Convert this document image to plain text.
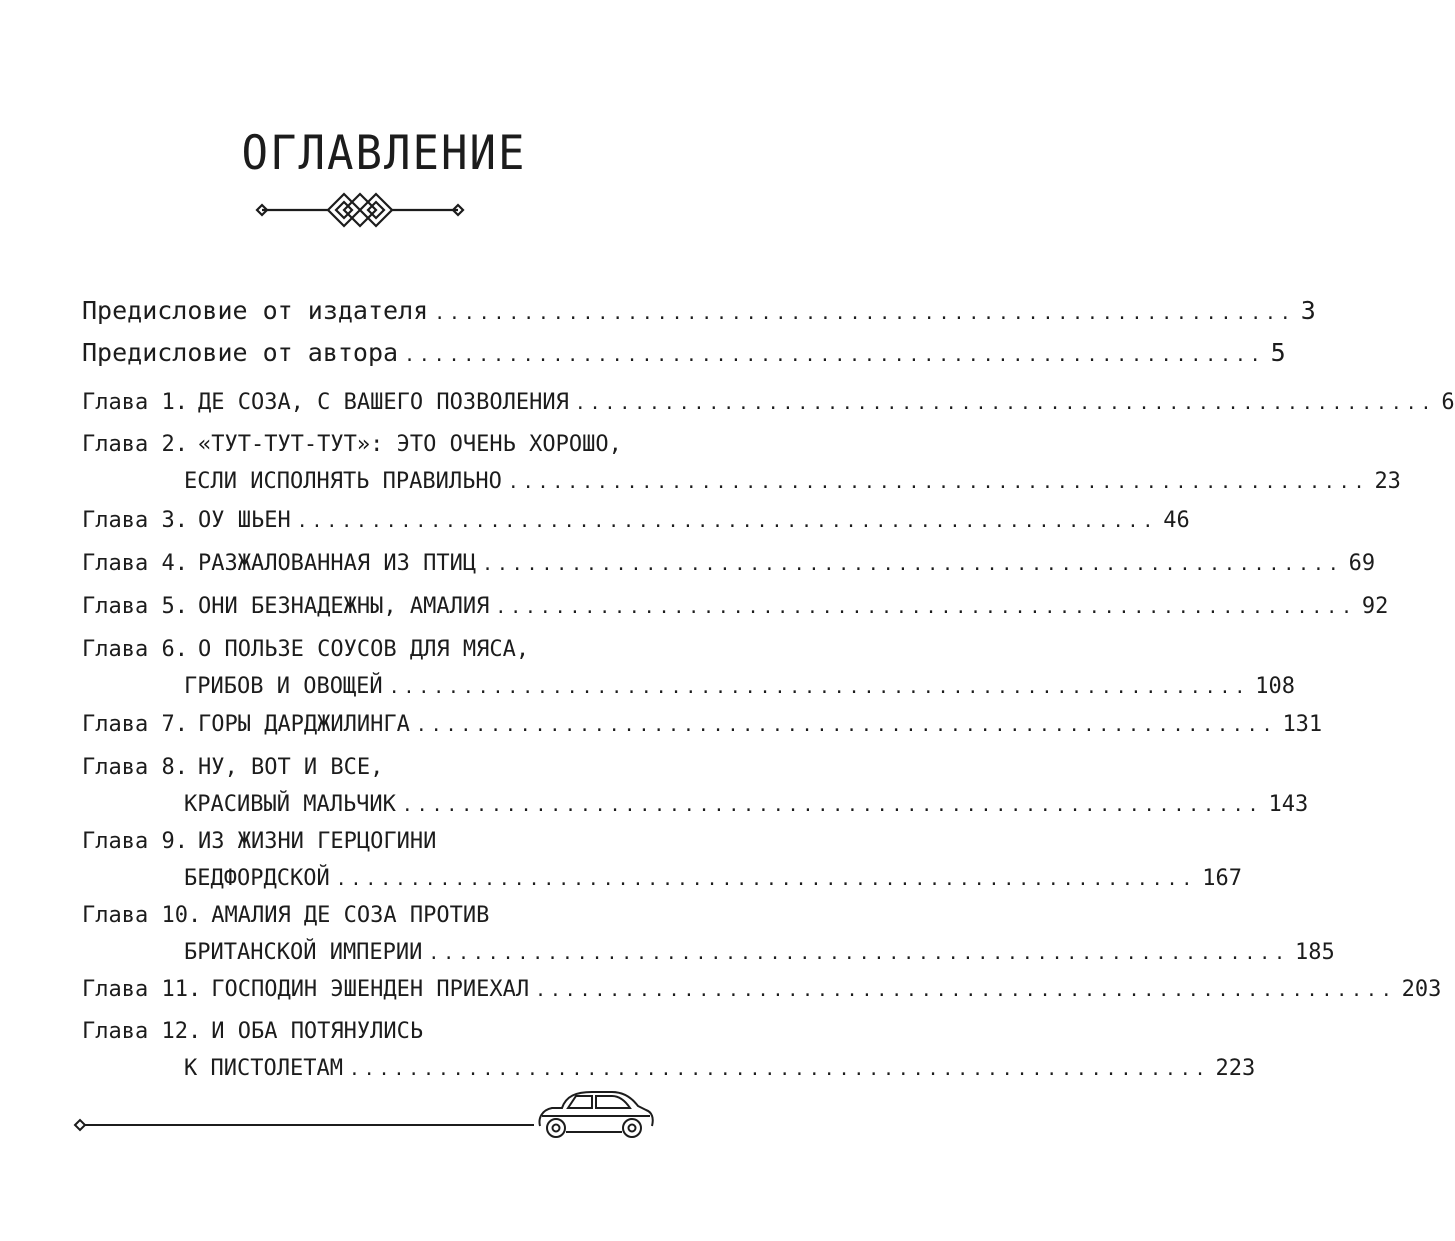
ОГЛАВЛЕНИЕ
Предисловие от издателя .......................................................... 3
Предисловие от автора .......................................................... 5
Глава 1. ДЕ СОЗА, С ВАШЕГО ПОЗВОЛЕНИЯ .......................................................... 6
Глава 2. «ТУТ-ТУТ-ТУТ»: ЭТО ОЧЕНЬ ХОРОШО,
ЕСЛИ ИСПОЛНЯТЬ ПРАВИЛЬНО .......................................................... 23
Глава 3. ОУ ШЬЕН .......................................................... 46
Глава 4. РАЗЖАЛОВАННАЯ ИЗ ПТИЦ .......................................................... 69
Глава 5. ОНИ БЕЗНАДЕЖНЫ, АМАЛИЯ .......................................................... 92
Глава 6. О ПОЛЬЗЕ СОУСОВ ДЛЯ МЯСА,
ГРИБОВ И ОВОЩЕЙ .......................................................... 108
Глава 7. ГОРЫ ДАРДЖИЛИНГА .......................................................... 131
Глава 8. НУ, ВОТ И ВСЕ,
КРАСИВЫЙ МАЛЬЧИК .......................................................... 143
Глава 9. ИЗ ЖИЗНИ ГЕРЦОГИНИ
БЕДФОРДСКОЙ .......................................................... 167
Глава 10. АМАЛИЯ ДЕ СОЗА ПРОТИВ
БРИТАНСКОЙ ИМПЕРИИ .......................................................... 185
Глава 11. ГОСПОДИН ЭШЕНДЕН ПРИЕХАЛ .......................................................... 203
Глава 12. И ОБА ПОТЯНУЛИСЬ
К ПИСТОЛЕТАМ .......................................................... 223
